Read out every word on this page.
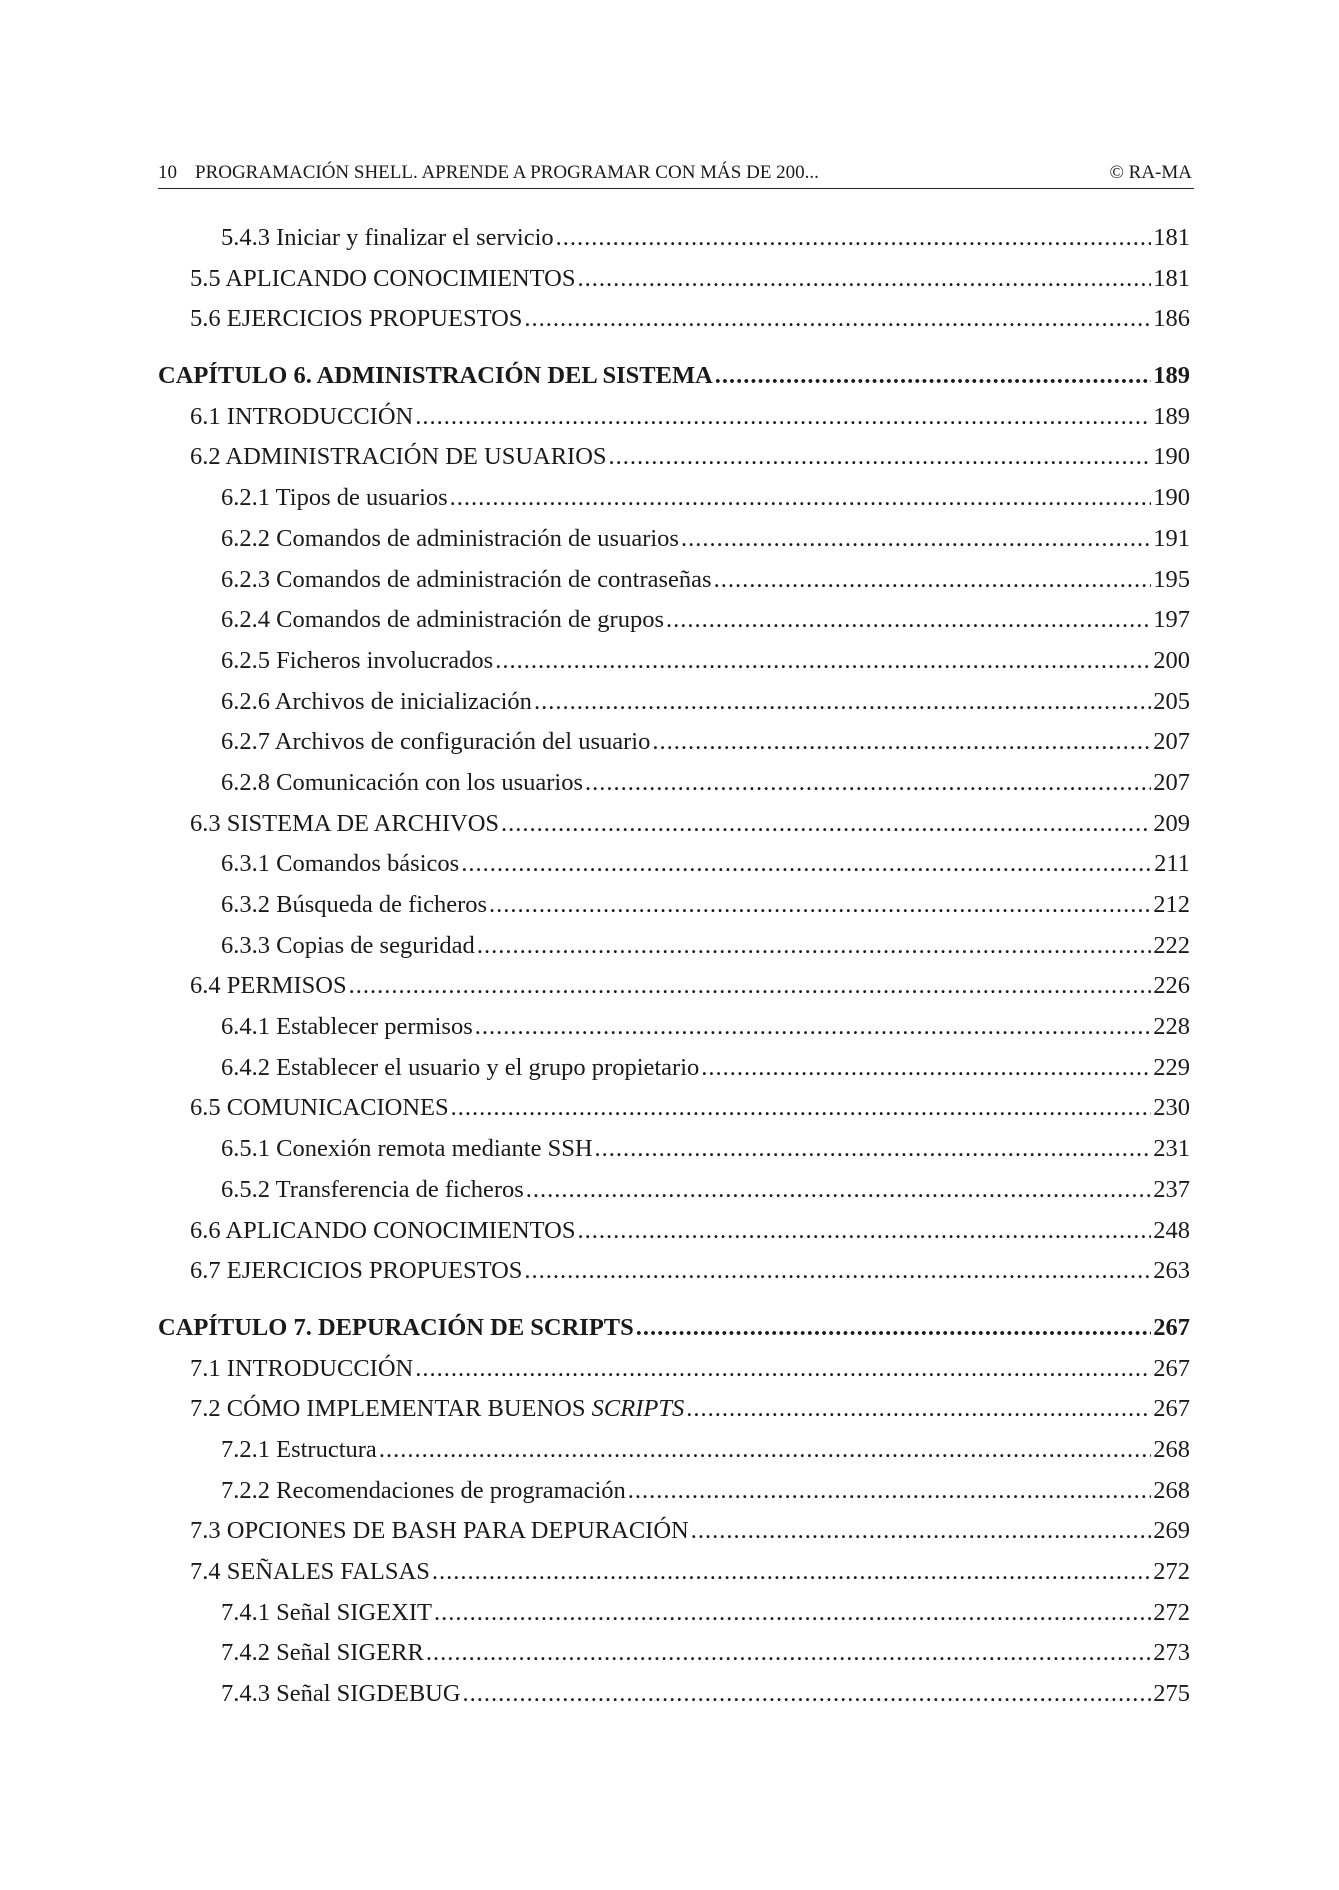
10 PROGRAMACIÓN SHELL. APRENDE A PROGRAMAR CON MÁS DE 200...	© RA-MA
5.4.3 Iniciar y finalizar el servicio .....	181
5.5 APLICANDO CONOCIMIENTOS .....	181
5.6 EJERCICIOS PROPUESTOS .....	186
CAPÍTULO 6. ADMINISTRACIÓN DEL SISTEMA .....	189
6.1 INTRODUCCIÓN .....	189
6.2 ADMINISTRACIÓN DE USUARIOS .....	190
6.2.1 Tipos de usuarios .....	190
6.2.2 Comandos de administración de usuarios .....	191
6.2.3 Comandos de administración de contraseñas .....	195
6.2.4 Comandos de administración de grupos .....	197
6.2.5 Ficheros involucrados .....	200
6.2.6 Archivos de inicialización .....	205
6.2.7 Archivos de configuración del usuario .....	207
6.2.8 Comunicación con los usuarios .....	207
6.3 SISTEMA DE ARCHIVOS .....	209
6.3.1 Comandos básicos .....	211
6.3.2 Búsqueda de ficheros .....	212
6.3.3 Copias de seguridad .....	222
6.4 PERMISOS .....	226
6.4.1 Establecer permisos .....	228
6.4.2 Establecer el usuario y el grupo propietario .....	229
6.5 COMUNICACIONES .....	230
6.5.1 Conexión remota mediante SSH .....	231
6.5.2 Transferencia de ficheros .....	237
6.6 APLICANDO CONOCIMIENTOS .....	248
6.7 EJERCICIOS PROPUESTOS .....	263
CAPÍTULO 7. DEPURACIÓN DE SCRIPTS .....	267
7.1 INTRODUCCIÓN .....	267
7.2 CÓMO IMPLEMENTAR BUENOS SCRIPTS .....	267
7.2.1 Estructura .....	268
7.2.2 Recomendaciones de programación .....	268
7.3 OPCIONES DE BASH PARA DEPURACIÓN .....	269
7.4 SEÑALES FALSAS .....	272
7.4.1 Señal SIGEXIT .....	272
7.4.2 Señal SIGERR .....	273
7.4.3 Señal SIGDEBUG .....	275
